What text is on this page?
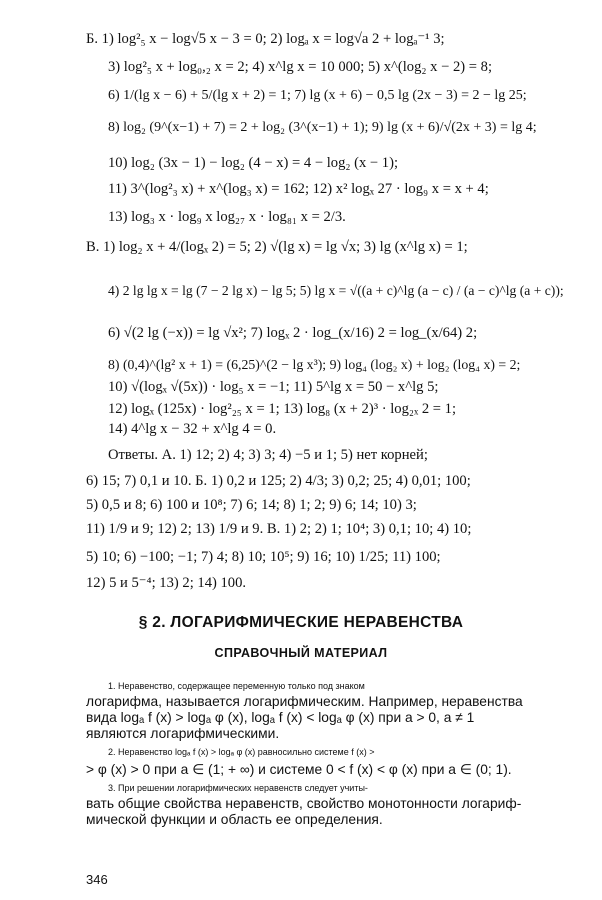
Б. 1) log²₅ x − log√5 x − 3 = 0; 2) logₐ x = log√a 2 + logₐ⁻¹ 3;
3) log²₅ x + log₀,₂ x = 2; 4) x^lg x = 10 000; 5) x^(log₂ x − 2) = 8;
6) 1/(lg x − 6) + 5/(lg x + 2) = 1; 7) lg (x + 6) − 0,5 lg (2x − 3) = 2 − lg 25;
8) log₂ (9^(x−1) + 7) = 2 + log₂ (3^(x−1) + 1); 9) lg (x + 6)/√(2x + 3) = lg 4;
10) log₂ (3x − 1) − log₂ (4 − x) = 4 − log₂ (x − 1);
11) 3^(log²₃ x) + x^(log₃ x) = 162; 12) x² logₓ 27 · log₉ x = x + 4;
13) log₃ x · log₉ x log₂₇ x · log₈₁ x = 2/3.
В. 1) log₂ x + 4/(logₓ 2) = 5; 2) √(lg x) = lg √x; 3) lg (x^lg x) = 1;
4) 2 lg lg x = lg (7 − 2 lg x) − lg 5; 5) lg x = √((a + c)^lg (a − c) / (a − c)^lg (a + c));
6) √(2 lg (−x)) = lg √x²; 7) logₓ 2 · log_(x/16) 2 = log_(x/64) 2;
8) (0,4)^(lg² x + 1) = (6,25)^(2 − lg x³); 9) log₄ (log₂ x) + log₂ (log₄ x) = 2;
10) √(logₓ √(5x)) · log₅ x = −1; 11) 5^lg x = 50 − x^lg 5;
12) logₓ (125x) · log²₂₅ x = 1; 13) log₈ (x + 2)³ · log₂ₓ 2 = 1;
14) 4^lg x − 32 + x^lg 4 = 0.
Ответы. А. 1) 12; 2) 4; 3) 3; 4) −5 и 1; 5) нет корней;
6) 15; 7) 0,1 и 10. Б. 1) 0,2 и 125; 2) 4/3; 3) 0,2; 25; 4) 0,01; 100;
5) 0,5 и 8; 6) 100 и 10⁸; 7) 6; 14; 8) 1; 2; 9) 6; 14; 10) 3;
11) 1/9 и 9; 12) 2; 13) 1/9 и 9. В. 1) 2; 2) 1; 10⁴; 3) 0,1; 10; 4) 10;
5) 10; 6) −100; −1; 7) 4; 8) 10; 10⁵; 9) 16; 10) 1/25; 11) 100;
12) 5 и 5⁻⁴; 13) 2; 14) 100.
§ 2. ЛОГАРИФМИЧЕСКИЕ НЕРАВЕНСТВА
СПРАВОЧНЫЙ МАТЕРИАЛ
1. Неравенство, содержащее переменную только под знаком
логарифма, называется логарифмическим. Например, неравенства
вида logₐ f (x) > logₐ φ (x), logₐ f (x) < logₐ φ (x) при a > 0, a ≠ 1
являются логарифмическими.
2. Неравенство logₐ f (x) > logₐ φ (x) равносильно системе f (x) >
> φ (x) > 0 при a ∈ (1; + ∞) и системе 0 < f (x) < φ (x) при a ∈ (0; 1).
3. При решении логарифмических неравенств следует учиты-
вать общие свойства неравенств, свойство монотонности логариф-
мической функции и область ее определения.
346
